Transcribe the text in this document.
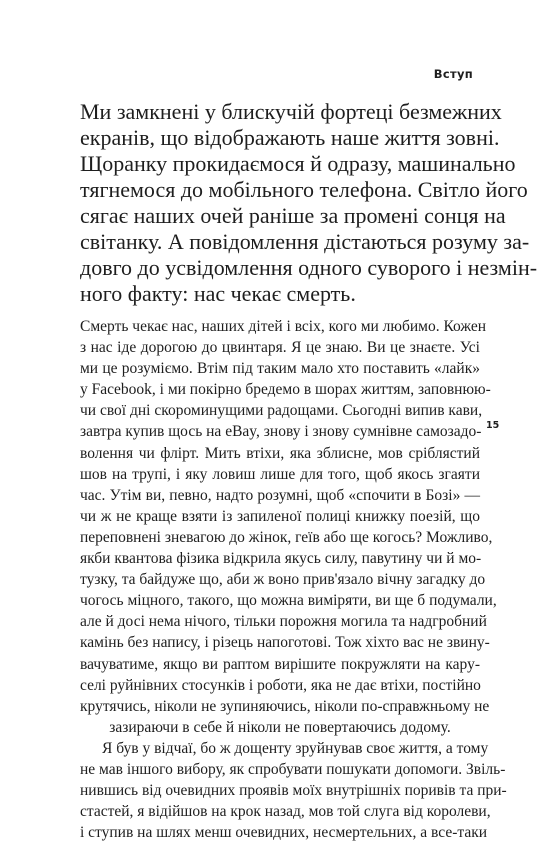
Вступ

Ми замкнені у блискучій фортеці безмежних
екранів, що відображають наше життя зовні.
Щоранку прокидаємося й одразу, машинально
тягнемося до мобільного телефона. Світло його
сягає наших очей раніше за промені сонця на
світанку. А повідомлення дістаються розуму за-
довго до усвідомлення одного суворого і незмін-
ного факту: нас чекає смерть.

15
Смерть чекає нас, наших дітей і всіх, кого ми любимо. Кожен
з нас іде дорогою до цвинтаря. Я це знаю. Ви це знаєте. Усі
ми це розуміємо. Втім під таким мало хто поставить «лайк»
у Facebook, і ми покірно бредемо в шорах життям, заповнюю-
чи свої дні скороминущими радощами. Сьогодні випив кави,
завтра купив щось на eBay, знову і знову сумнівне самозадо-
волення чи флірт. Мить втіхи, яка зблисне, мов сріблястий
шов на трупі, і яку ловиш лише для того, щоб якось згаяти
час. Утім ви, певно, надто розумні, щоб «спочити в Бозі» —
чи ж не краще взяти із запиленої полиці книжку поезій, що
переповнені зневагою до жінок, геїв або ще когось? Можливо,
якби квантова фізика відкрила якусь силу, павутину чи й мо-
тузку, та байдуже що, аби ж воно прив'язало вічну загадку до
чогось міцного, такого, що можна виміряти, ви ще б подумали,
але й досі нема нічого, тільки порожня могила та надгробний
камінь без напису, і різець напоготові. Тож хіхто вас не звину-
вачуватиме, якщо ви раптом вирішите покружляти на кару-
селі руйнівних стосунків і роботи, яка не дає втіхи, постійно
крутячись, ніколи не зупиняючись, ніколи по-справжньому не
зазираючи в себе й ніколи не повертаючись додому.
Я був у відчаї, бо ж дощенту зруйнував своє життя, а тому
не мав іншого вибору, як спробувати пошукати допомоги. Звіль-
нившись від очевидних проявів моїх внутрішніх поривів та при-
стастей, я відійшов на крок назад, мов той слуга від королеви,
і ступив на шлях менш очевидних, несмертельних, а все-таки
